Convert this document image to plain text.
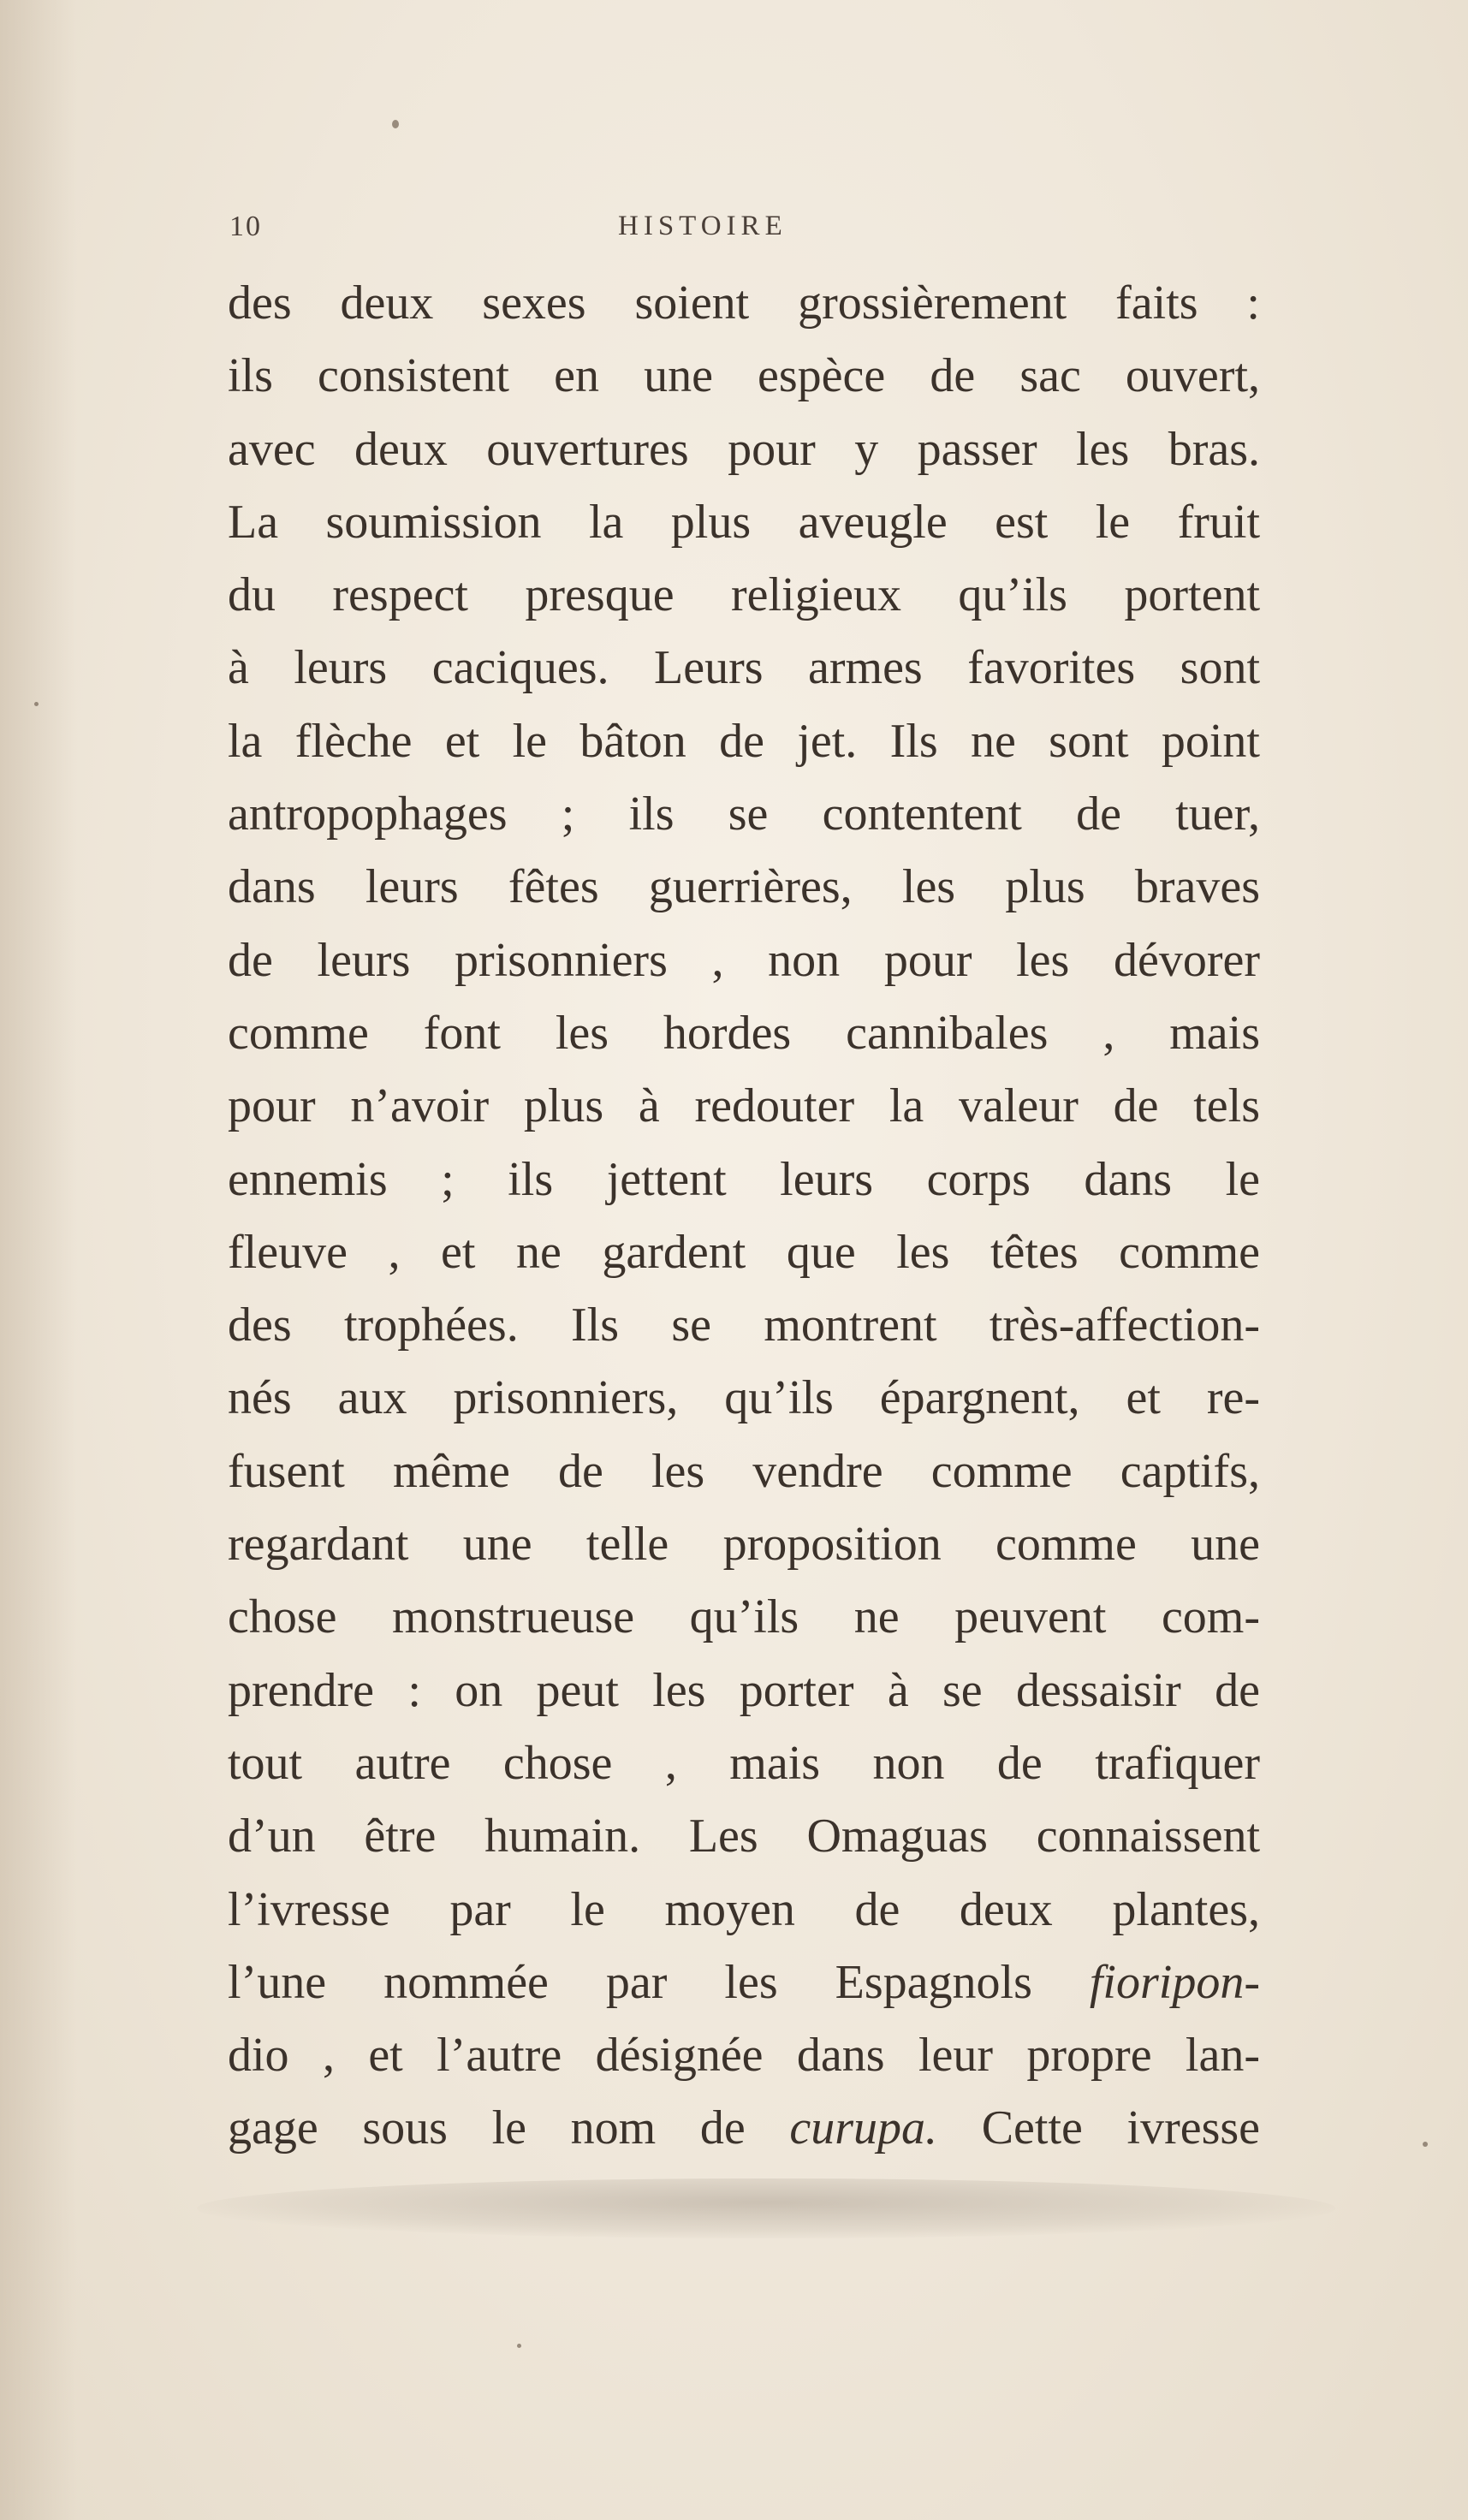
10	HISTOIRE
des deux sexes soient grossièrement faits :
ils consistent en une espèce de sac ouvert,
avec deux ouvertures pour y passer les bras.
La soumission la plus aveugle est le fruit
du respect presque religieux qu’ils portent
à leurs caciques. Leurs armes favorites sont
la flèche et le bâton de jet. Ils ne sont point
antropophages ; ils se contentent de tuer,
dans leurs fêtes guerrières, les plus braves
de leurs prisonniers , non pour les dévorer
comme font les hordes cannibales , mais
pour n’avoir plus à redouter la valeur de tels
ennemis ; ils jettent leurs corps dans le
fleuve , et ne gardent que les têtes comme
des trophées. Ils se montrent très-affection-
nés aux prisonniers, qu’ils épargnent, et re-
fusent même de les vendre comme captifs,
regardant une telle proposition comme une
chose monstrueuse qu’ils ne peuvent com-
prendre : on peut les porter à se dessaisir de
tout autre chose , mais non de trafiquer
d’un être humain. Les Omaguas connaissent
l’ivresse par le moyen de deux plantes,
l’une nommée par les Espagnols fioripon-
dio , et l’autre désignée dans leur propre lan-
gage sous le nom de curupa. Cette ivresse
